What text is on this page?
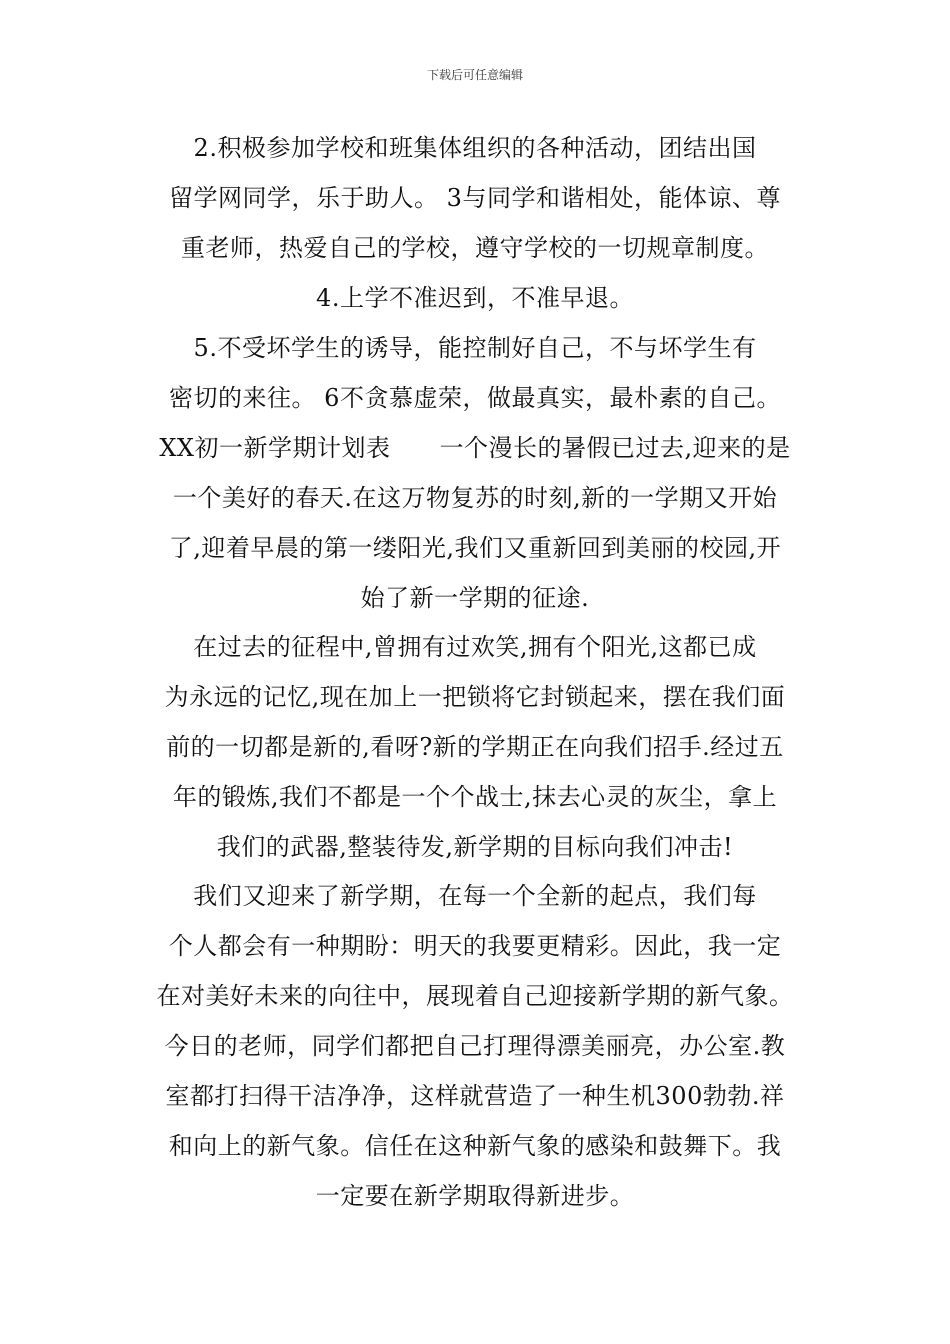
下载后可任意编辑
2.积极参加学校和班集体组织的各种活动，团结出国
留学网同学，乐于助人。 3与同学和谐相处，能体谅、尊
重老师，热爱自己的学校，遵守学校的一切规章制度。
4.上学不准迟到，不准早退。
5.不受坏学生的诱导，能控制好自己，不与坏学生有
密切的来往。 6不贪慕虚荣，做最真实，最朴素的自己。
XX初一新学期计划表　　一个漫长的暑假已过去,迎来的是
一个美好的春天.在这万物复苏的时刻,新的一学期又开始
了,迎着早晨的第一缕阳光,我们又重新回到美丽的校园,开
始了新一学期的征途.
在过去的征程中,曾拥有过欢笑,拥有个阳光,这都已成
为永远的记忆,现在加上一把锁将它封锁起来，摆在我们面
前的一切都是新的,看呀?新的学期正在向我们招手.经过五
年的锻炼,我们不都是一个个战士,抹去心灵的灰尘，拿上
我们的武器,整装待发,新学期的目标向我们冲击!
我们又迎来了新学期，在每一个全新的起点，我们每
个人都会有一种期盼：明天的我要更精彩。因此，我一定
在对美好未来的向往中，展现着自己迎接新学期的新气象。
今日的老师，同学们都把自己打理得漂美丽亮，办公室.教
室都打扫得干洁净净，这样就营造了一种生机300勃勃.祥
和向上的新气象。信任在这种新气象的感染和鼓舞下。我
一定要在新学期取得新进步。
